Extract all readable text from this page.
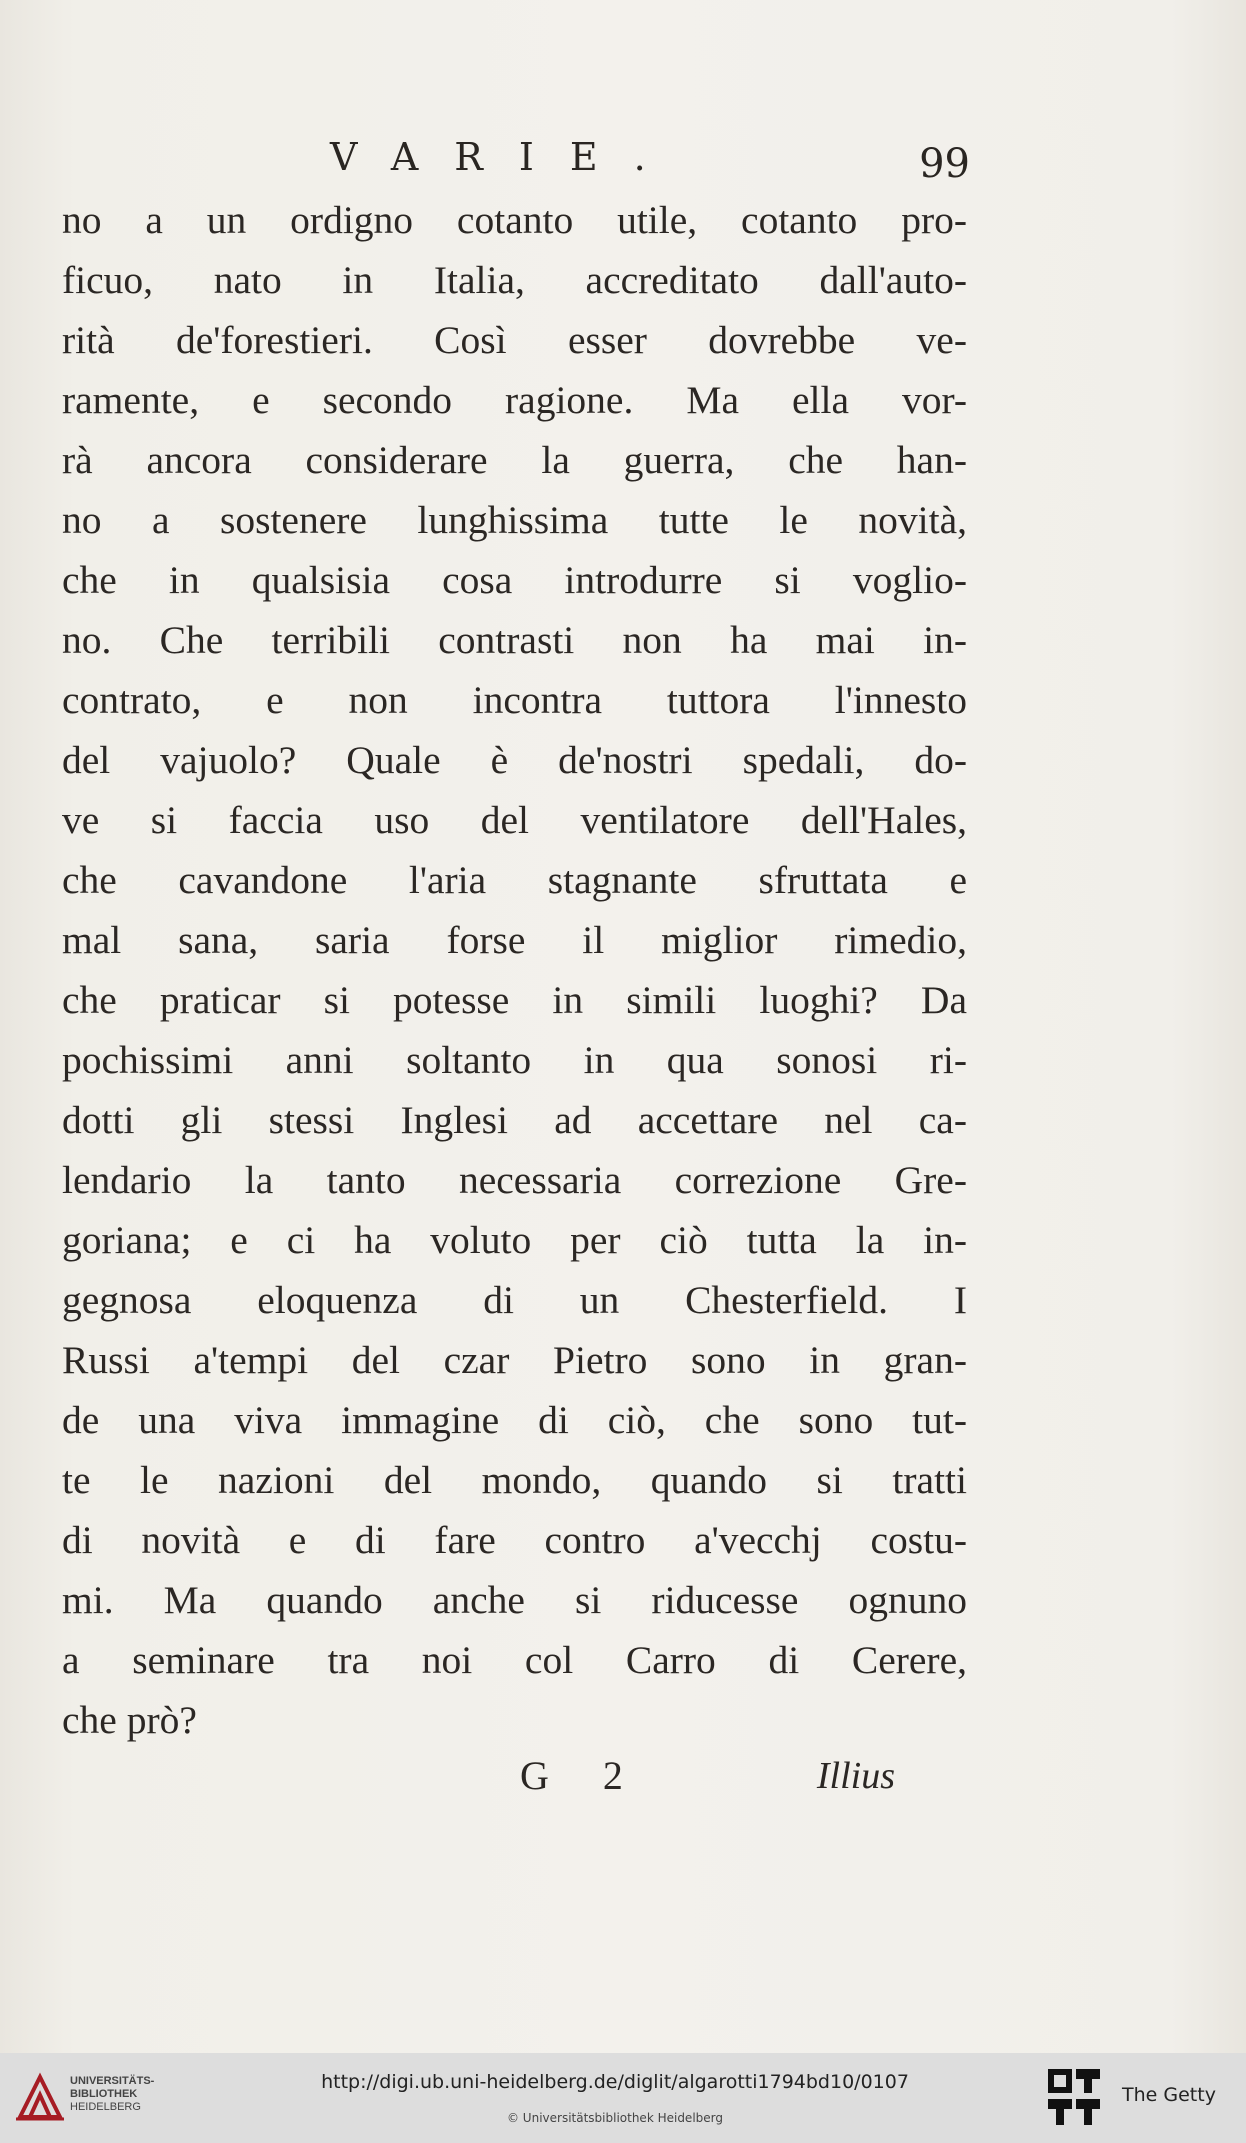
VARIE.	99
no a un ordigno cotanto utile, cotanto pro-
ficuo, nato in Italia, accreditato dall'auto-
rità de'forestieri. Così esser dovrebbe ve-
ramente, e secondo ragione. Ma ella vor-
rà ancora considerare la guerra, che han-
no a sostenere lunghissima tutte le novità,
che in qualsisia cosa introdurre si voglio-
no. Che terribili contrasti non ha mai in-
contrato, e non incontra tuttora l'innesto
del vajuolo? Quale è de'nostri spedali, do-
ve si faccia uso del ventilatore dell'Hales,
che cavandone l'aria stagnante sfruttata e
mal sana, saria forse il miglior rimedio,
che praticar si potesse in simili luoghi? Da
pochissimi anni soltanto in qua sonosi ri-
dotti gli stessi Inglesi ad accettare nel ca-
lendario la tanto necessaria correzione Gre-
goriana; e ci ha voluto per ciò tutta la in-
gegnosa eloquenza di un Chesterfield. I
Russi a'tempi del czar Pietro sono in gran-
de una viva immagine di ciò, che sono tut-
te le nazioni del mondo, quando si tratti
di novità e di fare contro a'vecchj costu-
mi. Ma quando anche si riducesse ognuno
a seminare tra noi col Carro di Cerere,
che prò?
G 2	Illius
UNIVERSITÄTS-
BIBLIOTHEK
HEIDELBERG
http://digi.ub.uni-heidelberg.de/diglit/algarotti1794bd10/0107
© Universitätsbibliothek Heidelberg
The Getty
